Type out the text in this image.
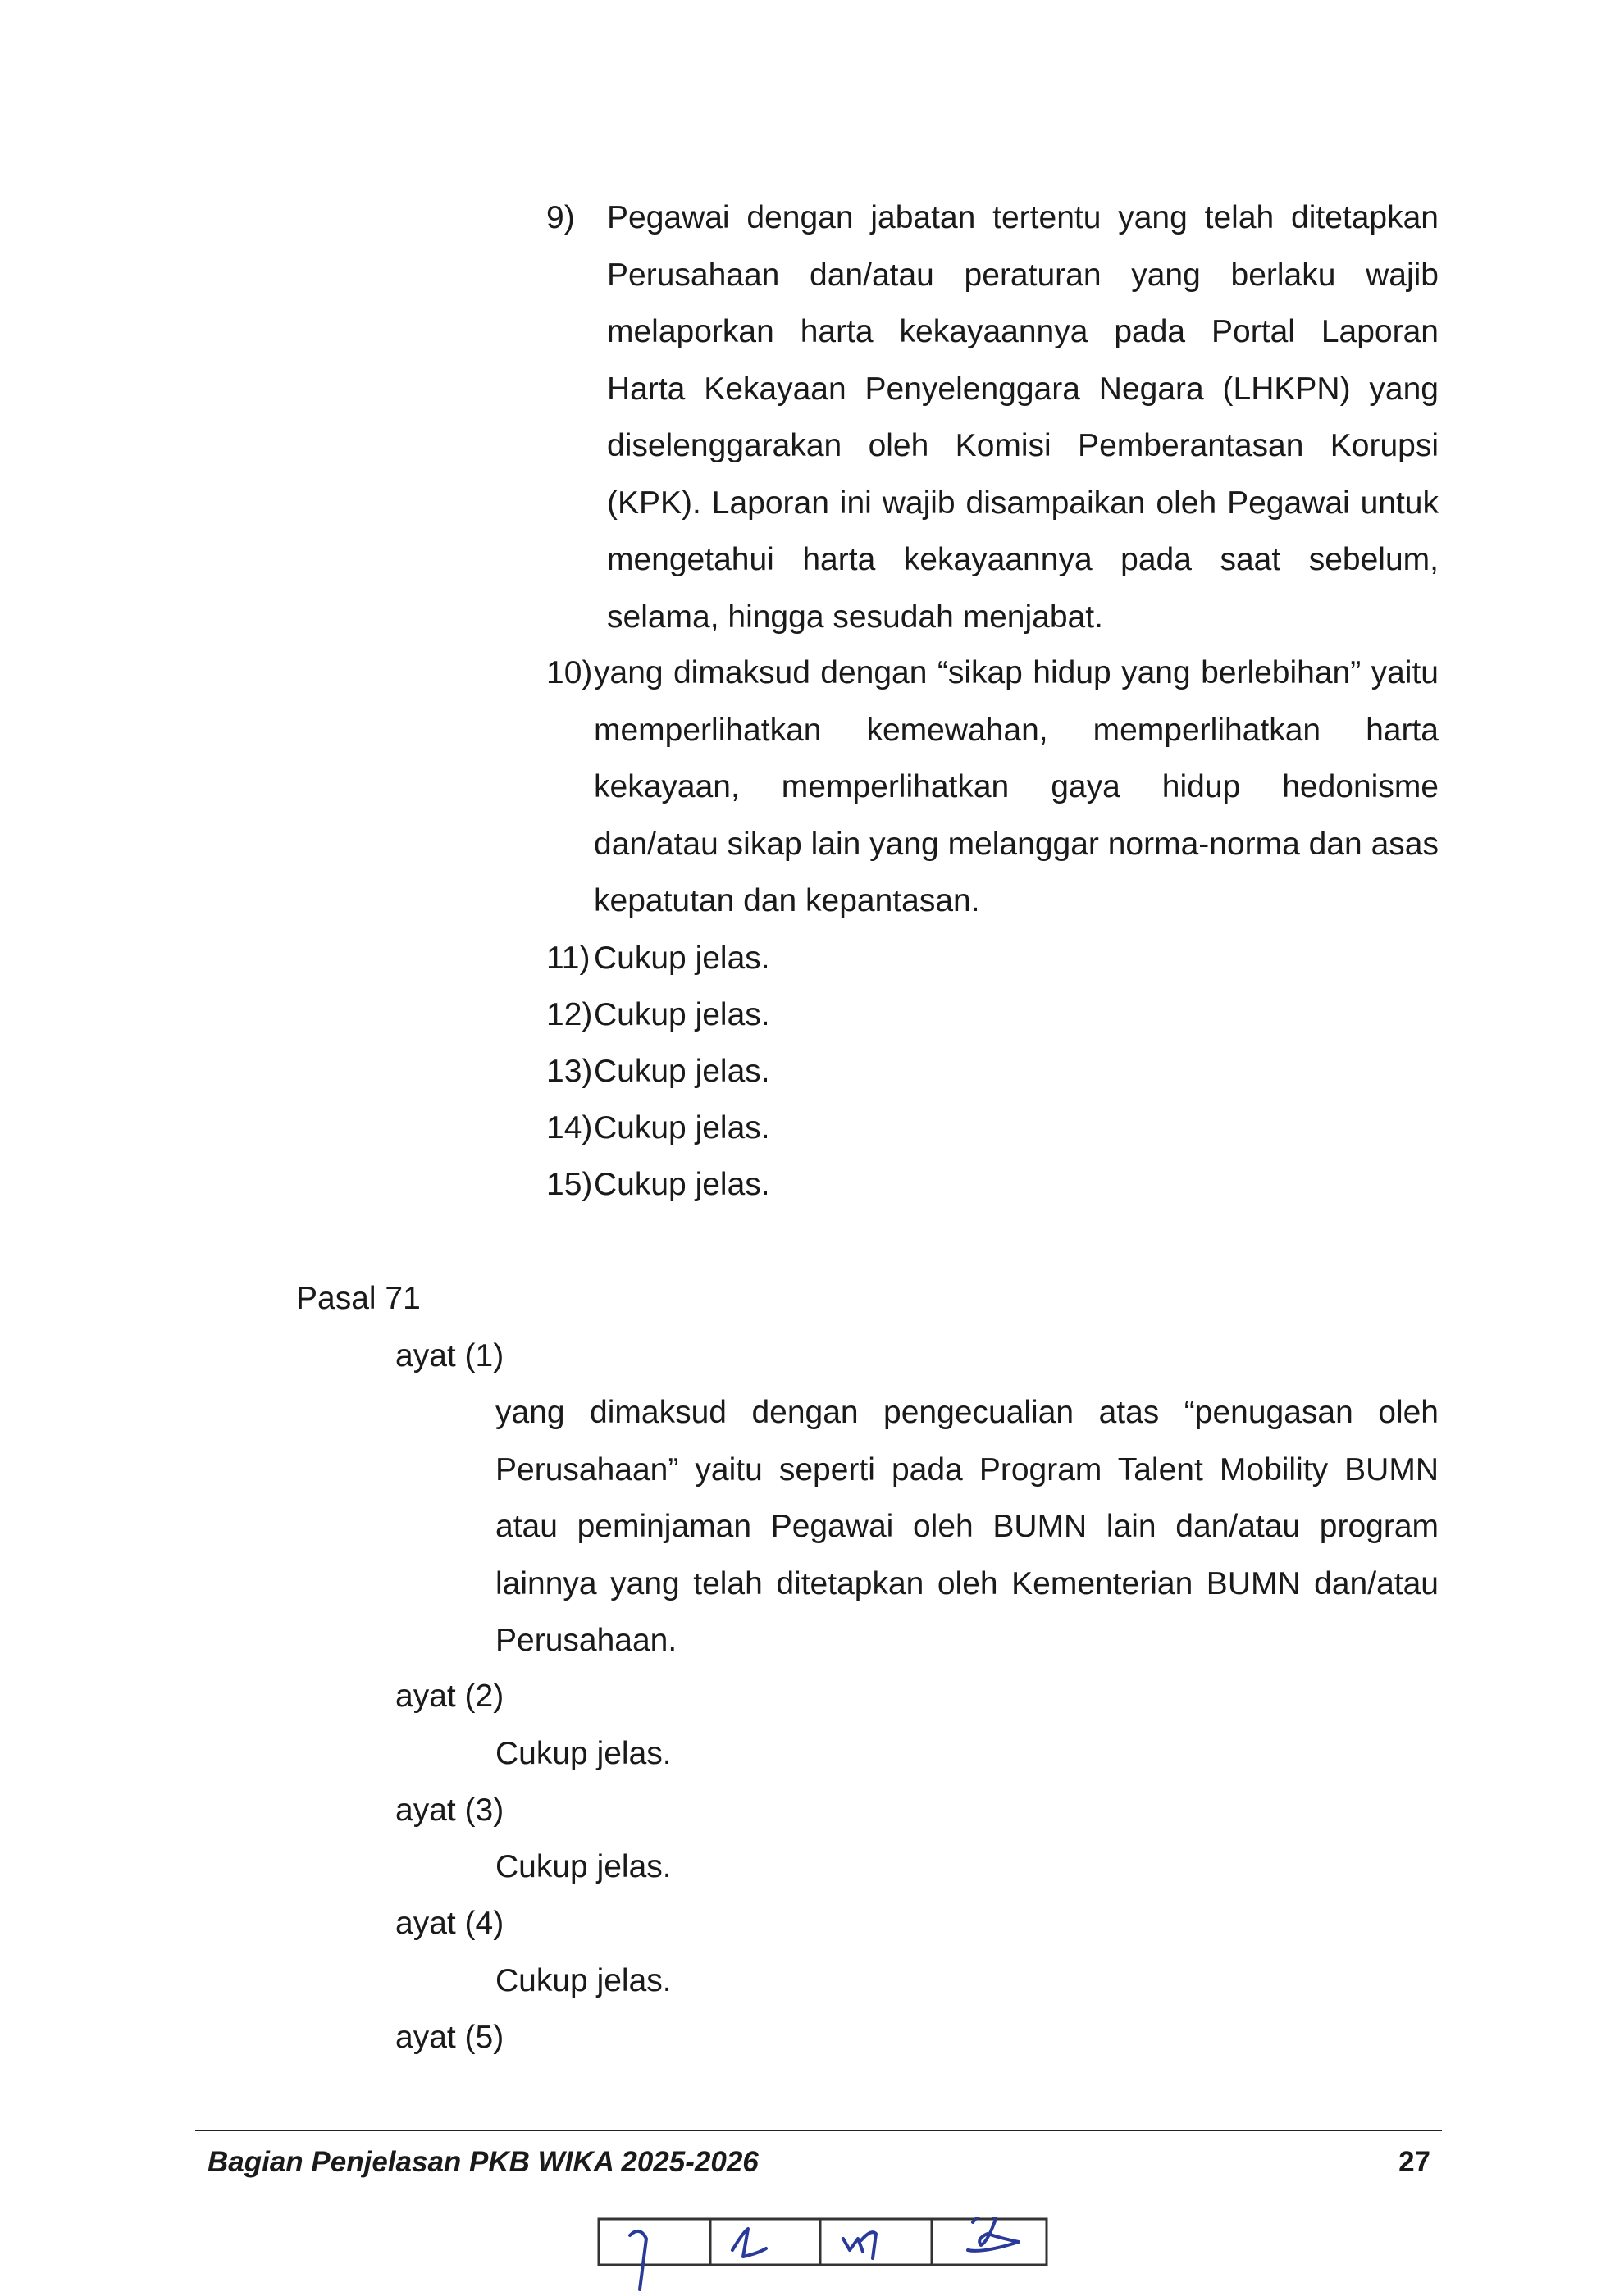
9) Pegawai dengan jabatan tertentu yang telah ditetapkan Perusahaan dan/atau peraturan yang berlaku wajib melaporkan harta kekayaannya pada Portal Laporan Harta Kekayaan Penyelenggara Negara (LHKPN) yang diselenggarakan oleh Komisi Pemberantasan Korupsi (KPK). Laporan ini wajib disampaikan oleh Pegawai untuk mengetahui harta kekayaannya pada saat sebelum, selama, hingga sesudah menjabat.
10) yang dimaksud dengan “sikap hidup yang berlebihan” yaitu memperlihatkan kemewahan, memperlihatkan harta kekayaan, memperlihatkan gaya hidup hedonisme dan/atau sikap lain yang melanggar norma-norma dan asas kepatutan dan kepantasan.
11) Cukup jelas.
12)Cukup jelas.
13)Cukup jelas.
14)Cukup jelas.
15)Cukup jelas.
Pasal 71
ayat (1)
yang dimaksud dengan pengecualian atas “penugasan oleh Perusahaan” yaitu seperti pada Program Talent Mobility BUMN atau peminjaman Pegawai oleh BUMN lain dan/atau program lainnya yang telah ditetapkan oleh Kementerian BUMN dan/atau Perusahaan.
ayat (2)
Cukup jelas.
ayat (3)
Cukup jelas.
ayat (4)
Cukup jelas.
ayat (5)
Bagian Penjelasan PKB WIKA 2025-2026	27
